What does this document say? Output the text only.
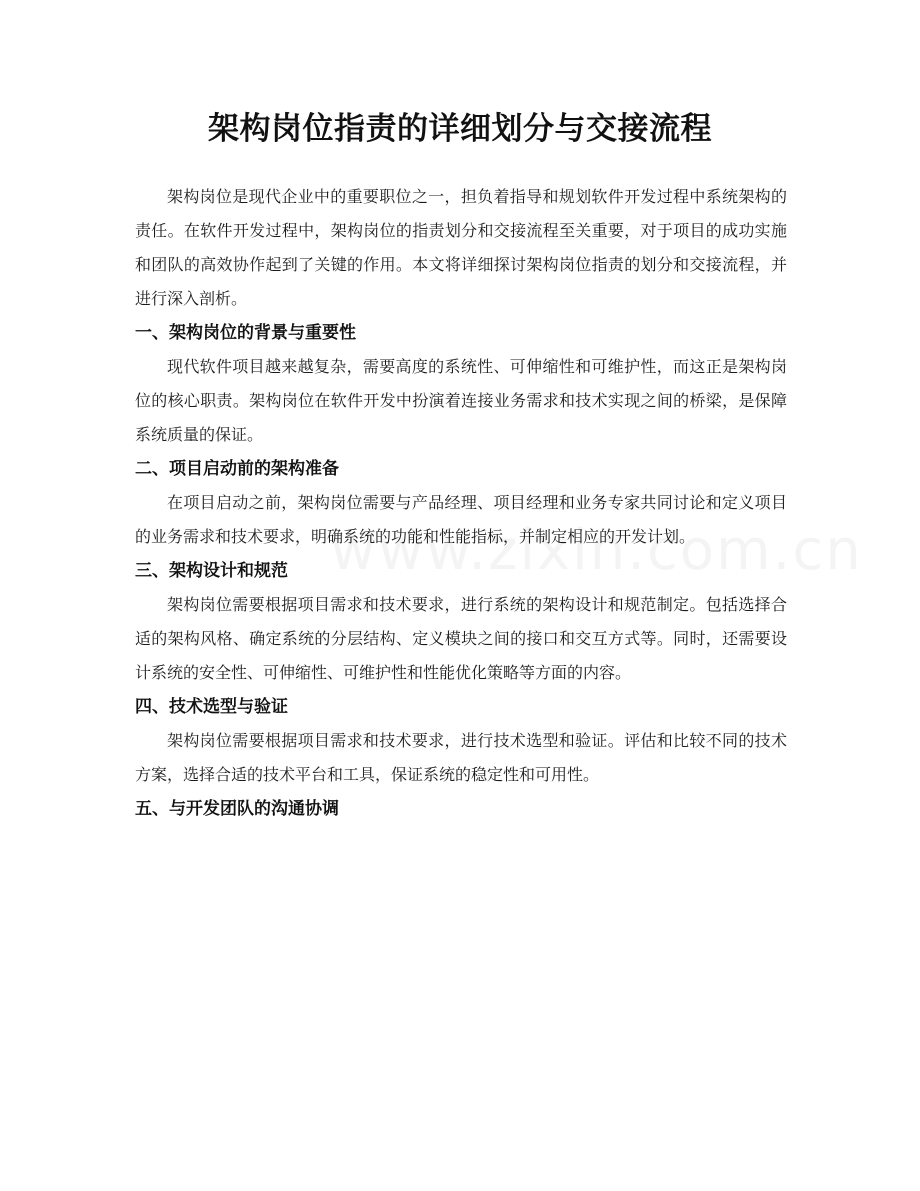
架构岗位指责的详细划分与交接流程

架构岗位是现代企业中的重要职位之一，担负着指导和规划软件开发过程中系统架构的责任。在软件开发过程中，架构岗位的指责划分和交接流程至关重要，对于项目的成功实施和团队的高效协作起到了关键的作用。本文将详细探讨架构岗位指责的划分和交接流程，并进行深入剖析。

一、架构岗位的背景与重要性

现代软件项目越来越复杂，需要高度的系统性、可伸缩性和可维护性，而这正是架构岗位的核心职责。架构岗位在软件开发中扮演着连接业务需求和技术实现之间的桥梁，是保障系统质量的保证。

二、项目启动前的架构准备

在项目启动之前，架构岗位需要与产品经理、项目经理和业务专家共同讨论和定义项目的业务需求和技术要求，明确系统的功能和性能指标，并制定相应的开发计划。

三、架构设计和规范

架构岗位需要根据项目需求和技术要求，进行系统的架构设计和规范制定。包括选择合适的架构风格、确定系统的分层结构、定义模块之间的接口和交互方式等。同时，还需要设计系统的安全性、可伸缩性、可维护性和性能优化策略等方面的内容。

四、技术选型与验证

架构岗位需要根据项目需求和技术要求，进行技术选型和验证。评估和比较不同的技术方案，选择合适的技术平台和工具，保证系统的稳定性和可用性。

五、与开发团队的沟通协调
